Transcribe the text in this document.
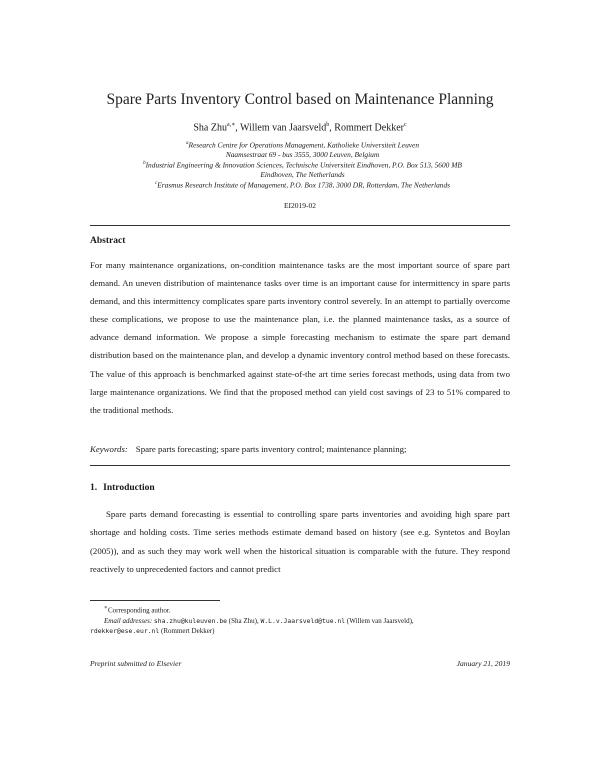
Spare Parts Inventory Control based on Maintenance Planning
Sha Zhu$^{a,∗}$, Willem van Jaarsveld$^b$, Rommert Dekker$^c$
$^a$Research Centre for Operations Management, Katholieke Universiteit Leuven
Naamsestraat 69 - bus 3555, 3000 Leuven, Belgium
$^b$Industrial Engineering & Innovation Sciences, Technische Universiteit Eindhoven, P.O. Box 513, 5600 MB
Eindhoven, The Netherlands
$^c$Erasmus Research Institute of Management, P.O. Box 1738, 3000 DR, Rotterdam, The Netherlands
EI2019-02
Abstract

For many maintenance organizations, on-condition maintenance tasks are the most important source of spare part demand. An uneven distribution of maintenance tasks over time is an important cause for intermittency in spare parts demand, and this intermittency complicates spare parts inventory control severely. In an attempt to partially overcome these complications, we propose to use the maintenance plan, i.e. the planned maintenance tasks, as a source of advance demand information. We propose a simple forecasting mechanism to estimate the spare part demand distribution based on the maintenance plan, and develop a dynamic inventory control method based on these forecasts. The value of this approach is benchmarked against state-of-the art time series forecast methods, using data from two large maintenance organizations. We find that the proposed method can yield cost savings of 23 to 51% compared to the traditional methods.

Keywords: Spare parts forecasting; spare parts inventory control; maintenance planning;
1. Introduction

Spare parts demand forecasting is essential to controlling spare parts inventories and avoiding high spare part shortage and holding costs. Time series methods estimate demand based on history (see e.g. Syntetos and Boylan (2005)), and as such they may work well when the historical situation is comparable with the future. They respond reactively to unprecedented factors and cannot predict

∗Corresponding author.
Email addresses: sha.zhu@kuleuven.be (Sha Zhu), W.L.v.Jaarsveld@tue.nl (Willem van Jaarsveld),
rdekker@ese.eur.nl (Rommert Dekker)
Preprint submitted to Elsevier	January 21, 2019
